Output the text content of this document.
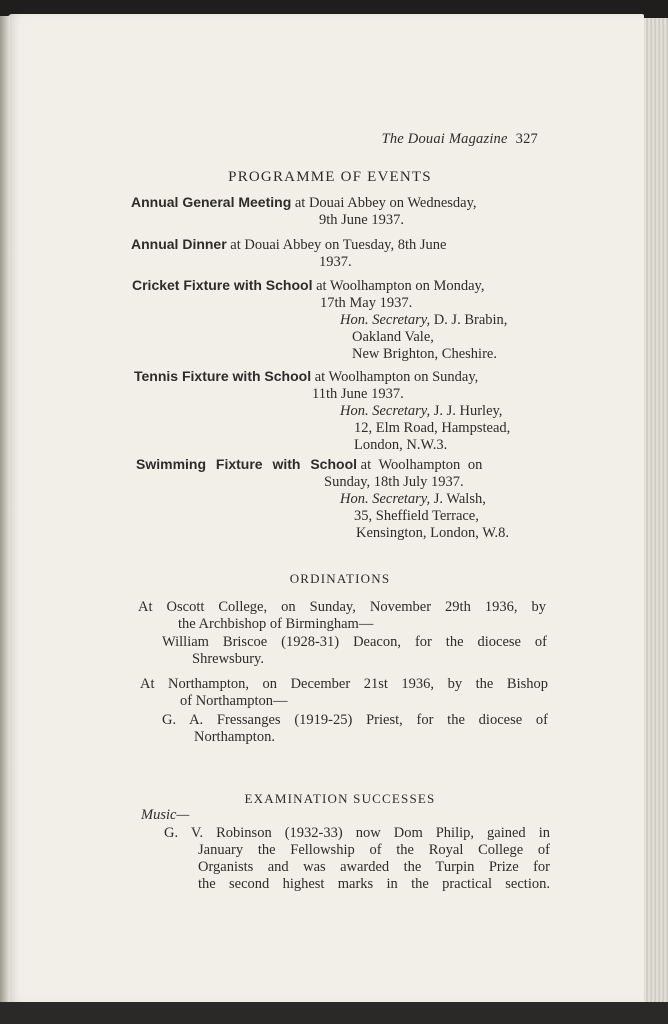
The Douai Magazine 327
PROGRAMME OF EVENTS
Annual General Meeting at Douai Abbey on Wednesday,
9th June 1937.
Annual Dinner at Douai Abbey on Tuesday, 8th June
1937.
Cricket Fixture with School at Woolhampton on Monday,
17th May 1937.
Hon. Secretary, D. J. Brabin,
Oakland Vale,
New Brighton, Cheshire.
Tennis Fixture with School at Woolhampton on Sunday,
11th June 1937.
Hon. Secretary, J. J. Hurley,
12, Elm Road, Hampstead,
London, N.W.3.
Swimming Fixture with School at Woolhampton on
Sunday, 18th July 1937.
Hon. Secretary, J. Walsh,
35, Sheffield Terrace,
Kensington, London, W.8.
ORDINATIONS
At Oscott College, on Sunday, November 29th 1936, by
the Archbishop of Birmingham—
William Briscoe (1928-31) Deacon, for the diocese of
Shrewsbury.
At Northampton, on December 21st 1936, by the Bishop
of Northampton—
G. A. Fressanges (1919-25) Priest, for the diocese of
Northampton.
EXAMINATION SUCCESSES
Music—
G. V. Robinson (1932-33) now Dom Philip, gained in
January the Fellowship of the Royal College of
Organists and was awarded the Turpin Prize for
the second highest marks in the practical section.
